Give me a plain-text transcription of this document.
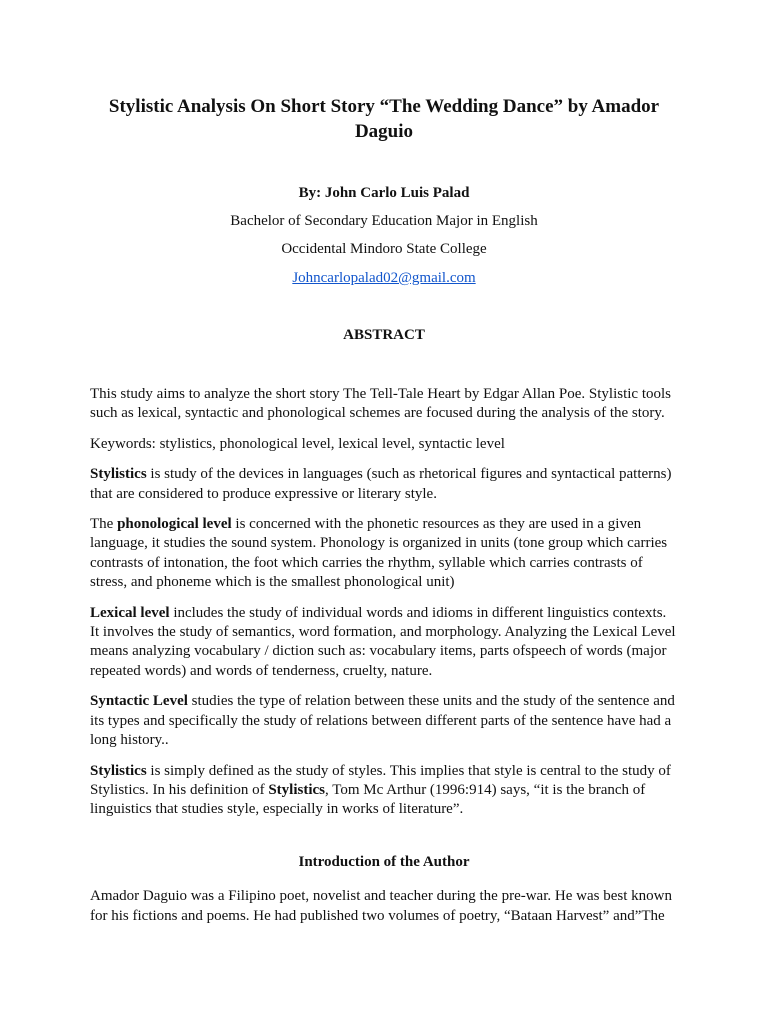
Stylistic Analysis On Short Story “The Wedding Dance” by Amador Daguio
By: John Carlo Luis Palad
Bachelor of Secondary Education Major in English
Occidental Mindoro State College
Johncarlopalad02@gmail.com
ABSTRACT

This study aims to analyze the short story The Tell-Tale Heart by Edgar Allan Poe. Stylistic tools such as lexical, syntactic and phonological schemes are focused during the analysis of the story.

Keywords: stylistics, phonological level, lexical level, syntactic level

Stylistics is study of the devices in languages (such as rhetorical figures and syntactical patterns) that are considered to produce expressive or literary style.

The phonological level is concerned with the phonetic resources as they are used in a given language, it studies the sound system. Phonology is organized in units (tone group which carries contrasts of intonation, the foot which carries the rhythm, syllable which carries contrasts of stress, and phoneme which is the smallest phonological unit)

Lexical level includes the study of individual words and idioms in different linguistics contexts. It involves the study of semantics, word formation, and morphology. Analyzing the Lexical Level means analyzing vocabulary / diction such as: vocabulary items, parts ofspeech of words (major repeated words) and words of tenderness, cruelty, nature.

Syntactic Level studies the type of relation between these units and the study of the sentence and its types and specifically the study of relations between different parts of the sentence have had a long history..

Stylistics is simply defined as the study of styles. This implies that style is central to the study of Stylistics. In his definition of Stylistics, Tom Mc Arthur (1996:914) says, “it is the branch of linguistics that studies style, especially in works of literature”.

Introduction of the Author

Amador Daguio was a Filipino poet, novelist and teacher during the pre-war. He was best known for his fictions and poems. He had published two volumes of poetry, “Bataan Harvest” and”The
